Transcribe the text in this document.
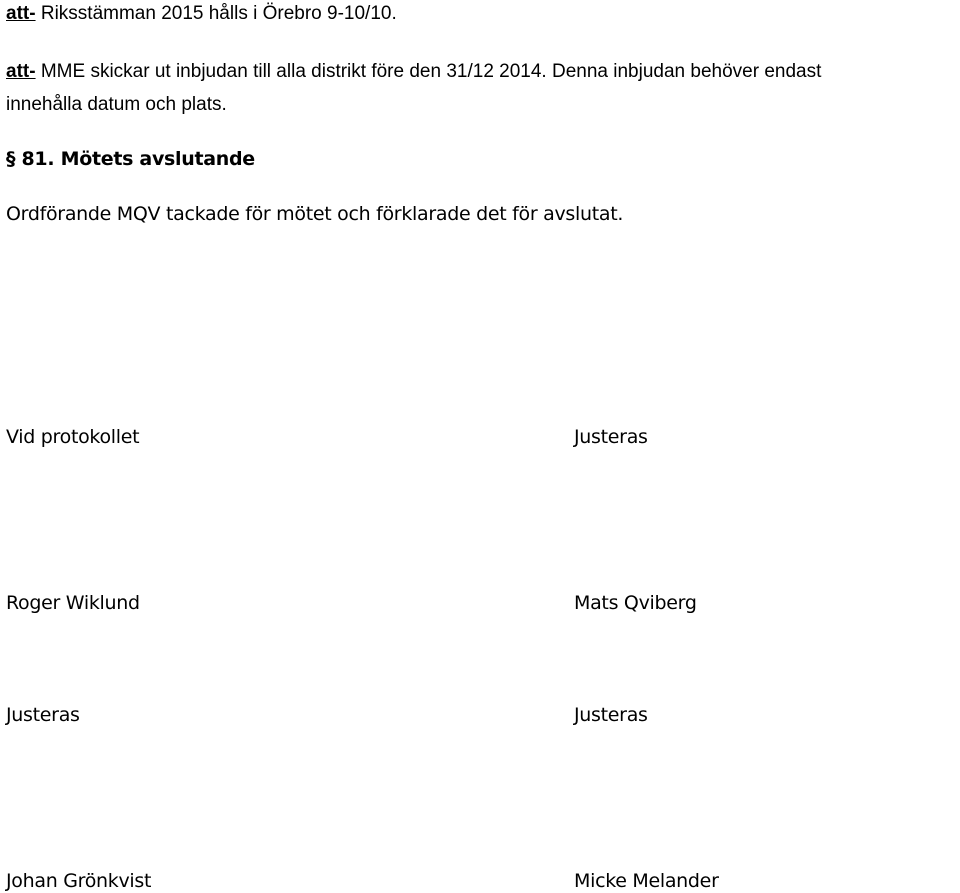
att- Riksstämman 2015 hålls i Örebro 9-10/10.
att- MME skickar ut inbjudan till alla distrikt före den 31/12 2014. Denna inbjudan behöver endast
innehålla datum och plats.
§ 81. Mötets avslutande
Ordförande MQV tackade för mötet och förklarade det för avslutat.
Vid protokollet	Justeras
Roger Wiklund	Mats Qviberg
Justeras	Justeras
Johan Grönkvist	Micke Melander
